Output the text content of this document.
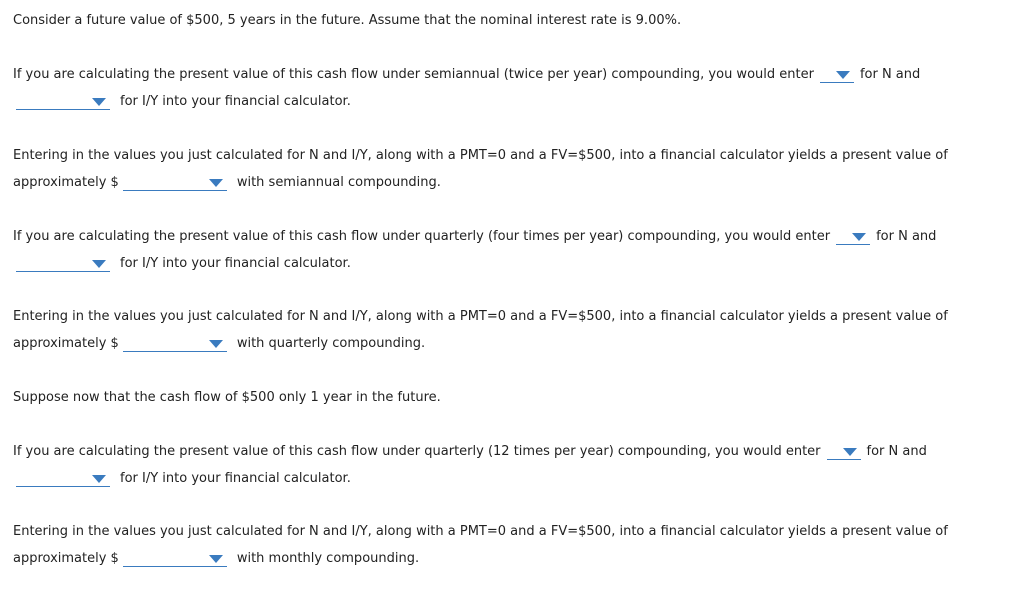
Consider a future value of $500, 5 years in the future. Assume that the nominal interest rate is 9.00%.
If you are calculating the present value of this cash flow under semiannual (twice per year) compounding, you would enter	for N and
for I/Y into your financial calculator.
Entering in the values you just calculated for N and I/Y, along with a PMT=0 and a FV=$500, into a financial calculator yields a present value of
approximately $	with semiannual compounding.
If you are calculating the present value of this cash flow under quarterly (four times per year) compounding, you would enter	for N and
for I/Y into your financial calculator.
Entering in the values you just calculated for N and I/Y, along with a PMT=0 and a FV=$500, into a financial calculator yields a present value of
approximately $	with quarterly compounding.
Suppose now that the cash flow of $500 only 1 year in the future.
If you are calculating the present value of this cash flow under quarterly (12 times per year) compounding, you would enter	for N and
for I/Y into your financial calculator.
Entering in the values you just calculated for N and I/Y, along with a PMT=0 and a FV=$500, into a financial calculator yields a present value of
approximately $	with monthly compounding.
